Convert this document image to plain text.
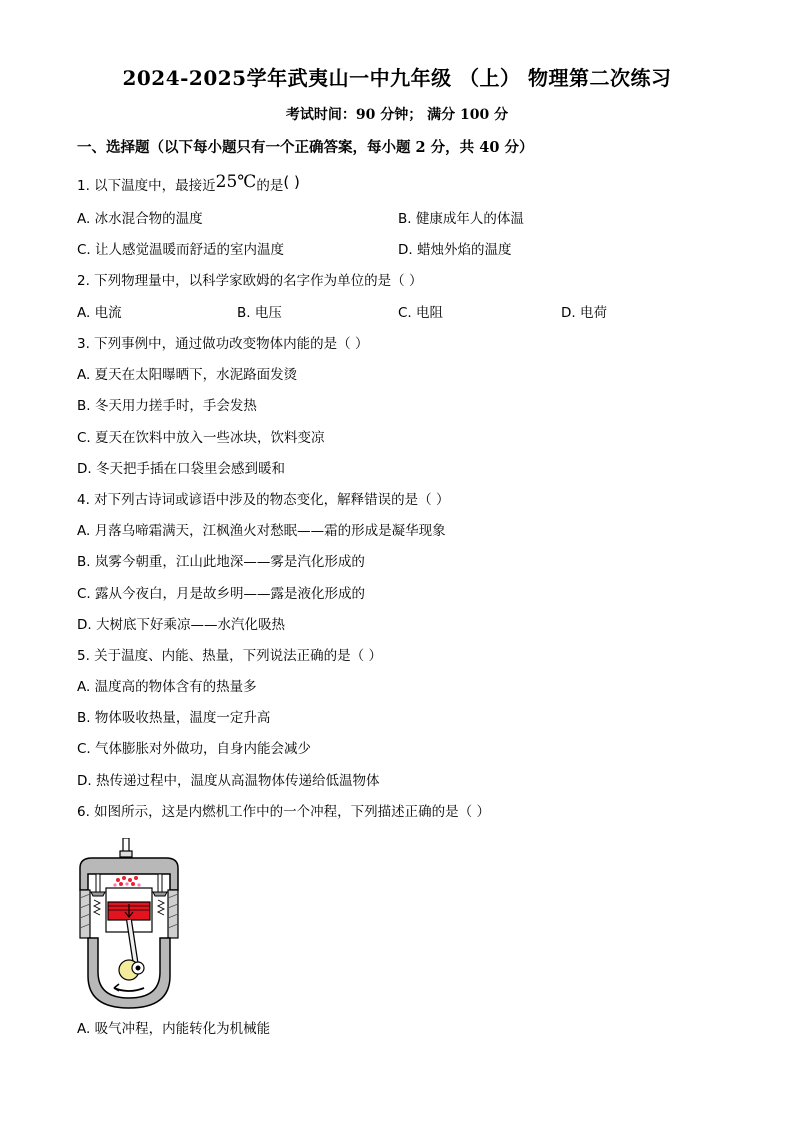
2024-2025学年武夷山一中九年级 （上） 物理第二次练习
考试时间：90 分钟； 满分 100 分
一、选择题（以下每小题只有一个正确答案，每小题 2 分，共 40 分）
1. 以下温度中，最接近25℃的是( )
A. 冰水混合物的温度	B. 健康成年人的体温
C. 让人感觉温暖而舒适的室内温度	D. 蜡烛外焰的温度
2. 下列物理量中，以科学家欧姆的名字作为单位的是（ ）
A. 电流	B. 电压	C. 电阻	D. 电荷
3. 下列事例中，通过做功改变物体内能的是（ ）
A. 夏天在太阳曝晒下，水泥路面发烫
B. 冬天用力搓手时，手会发热
C. 夏天在饮料中放入一些冰块，饮料变凉
D. 冬天把手插在口袋里会感到暖和
4. 对下列古诗词或谚语中涉及的物态变化，解释错误的是（ ）
A. 月落乌啼霜满天，江枫渔火对愁眠——霜的形成是凝华现象
B. 岚雾今朝重，江山此地深——雾是汽化形成的
C. 露从今夜白，月是故乡明——露是液化形成的
D. 大树底下好乘凉——水汽化吸热
5. 关于温度、内能、热量，下列说法正确的是（ ）
A. 温度高的物体含有的热量多
B. 物体吸收热量，温度一定升高
C. 气体膨胀对外做功，自身内能会减少
D. 热传递过程中，温度从高温物体传递给低温物体
6. 如图所示，这是内燃机工作中的一个冲程，下列描述正确的是（ ）
A. 吸气冲程，内能转化为机械能
